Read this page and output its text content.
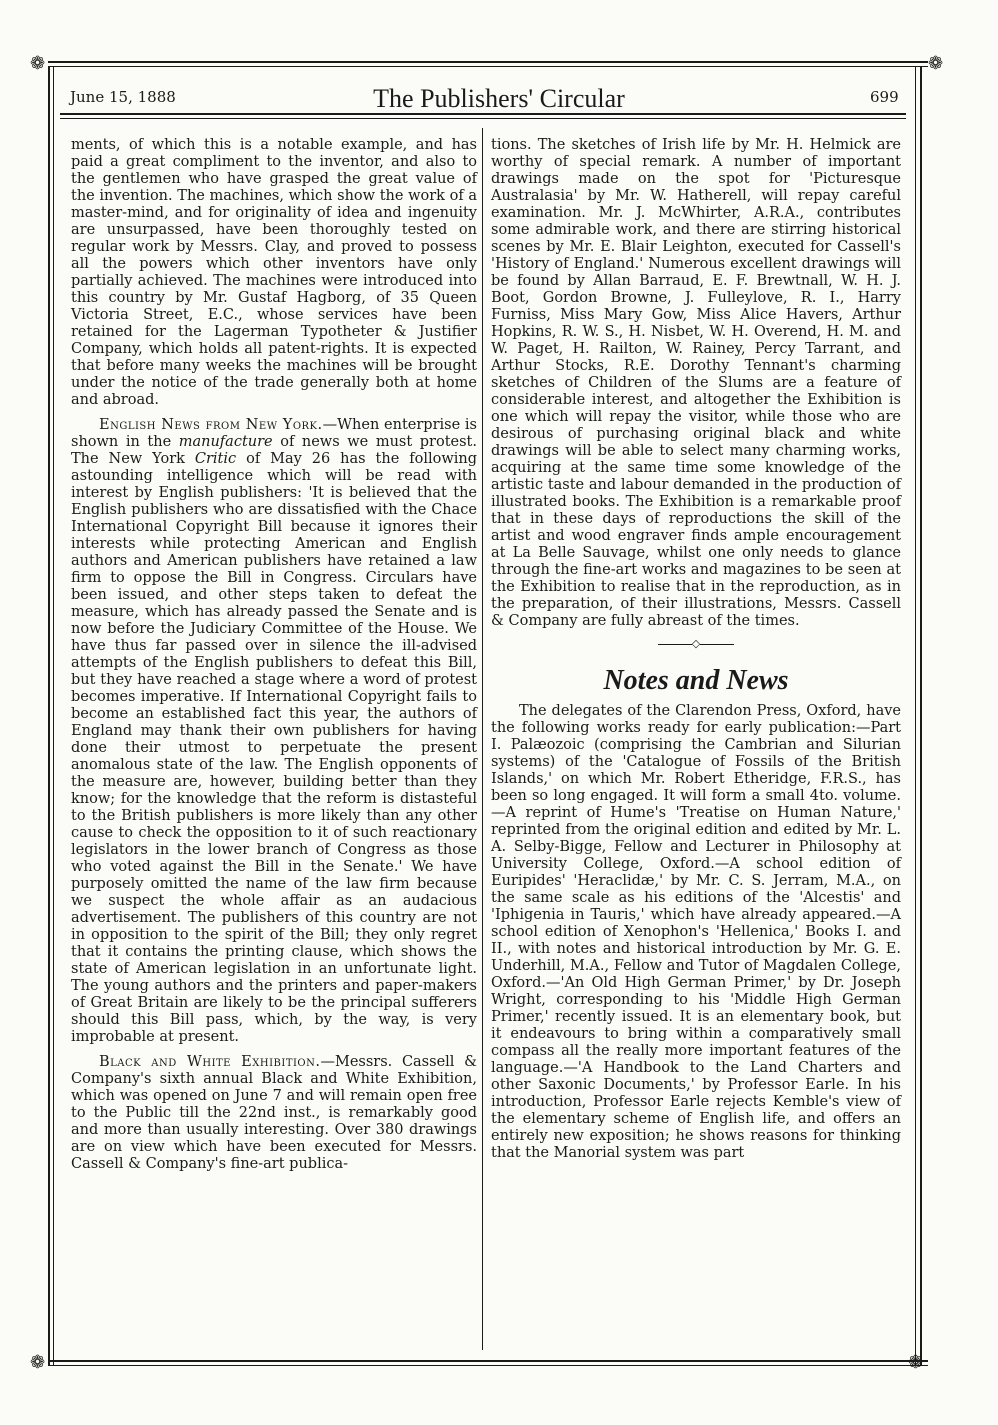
❁	❁
June 15, 1888	The Publishers' Circular	699
❁	❁

ments, of which this is a notable example, and has paid a great compliment to the inventor, and also to the gentlemen who have grasped the great value of the invention. The machines, which show the work of a master-mind, and for originality of idea and ingenuity are unsurpassed, have been thoroughly tested on regular work by Messrs. Clay, and proved to possess all the powers which other inventors have only partially achieved. The machines were introduced into this country by Mr. Gustaf Hagborg, of 35 Queen Victoria Street, E.C., whose services have been retained for the Lagerman Typotheter & Justifier Company, which holds all patent-rights. It is expected that before many weeks the machines will be brought under the notice of the trade generally both at home and abroad.

English News from New York.—When enterprise is shown in the manufacture of news we must protest. The New York Critic of May 26 has the following astounding intelligence which will be read with interest by English publishers: 'It is believed that the English publishers who are dissatisfied with the Chace International Copyright Bill because it ignores their interests while protecting American and English authors and American publishers have retained a law firm to oppose the Bill in Congress. Circulars have been issued, and other steps taken to defeat the measure, which has already passed the Senate and is now before the Judiciary Committee of the House. We have thus far passed over in silence the ill-advised attempts of the English publishers to defeat this Bill, but they have reached a stage where a word of protest becomes imperative. If International Copyright fails to become an established fact this year, the authors of England may thank their own publishers for having done their utmost to perpetuate the present anomalous state of the law. The English opponents of the measure are, however, building better than they know; for the knowledge that the reform is distasteful to the British publishers is more likely than any other cause to check the opposition to it of such reactionary legislators in the lower branch of Congress as those who voted against the Bill in the Senate.' We have purposely omitted the name of the law firm because we suspect the whole affair as an audacious advertisement. The publishers of this country are not in opposition to the spirit of the Bill; they only regret that it contains the printing clause, which shows the state of American legislation in an unfortunate light. The young authors and the printers and paper-makers of Great Britain are likely to be the principal sufferers should this Bill pass, which, by the way, is very improbable at present.

Black and White Exhibition.—Messrs. Cassell & Company's sixth annual Black and White Exhibition, which was opened on June 7 and will remain open free to the Public till the 22nd inst., is remarkably good and more than usually interesting. Over 380 drawings are on view which have been executed for Messrs. Cassell & Company's fine-art publica-

tions. The sketches of Irish life by Mr. H. Helmick are worthy of special remark. A number of important drawings made on the spot for 'Picturesque Australasia' by Mr. W. Hatherell, will repay careful examination. Mr. J. McWhirter, A.R.A., contributes some admirable work, and there are stirring historical scenes by Mr. E. Blair Leighton, executed for Cassell's 'History of England.' Numerous excellent drawings will be found by Allan Barraud, E. F. Brewtnall, W. H. J. Boot, Gordon Browne, J. Fulleylove, R. I., Harry Furniss, Miss Mary Gow, Miss Alice Havers, Arthur Hopkins, R. W. S., H. Nisbet, W. H. Overend, H. M. and W. Paget, H. Railton, W. Rainey, Percy Tarrant, and Arthur Stocks, R.E. Dorothy Tennant's charming sketches of Children of the Slums are a feature of considerable interest, and altogether the Exhibition is one which will repay the visitor, while those who are desirous of purchasing original black and white drawings will be able to select many charming works, acquiring at the same time some knowledge of the artistic taste and labour demanded in the production of illustrated books. The Exhibition is a remarkable proof that in these days of reproductions the skill of the artist and wood engraver finds ample encouragement at La Belle Sauvage, whilst one only needs to glance through the fine-art works and magazines to be seen at the Exhibition to realise that in the reproduction, as in the preparation, of their illustrations, Messrs. Cassell & Company are fully abreast of the times.

◇
Notes and News

The delegates of the Clarendon Press, Oxford, have the following works ready for early publication:—Part I. Palæozoic (comprising the Cambrian and Silurian systems) of the 'Catalogue of Fossils of the British Islands,' on which Mr. Robert Etheridge, F.R.S., has been so long engaged. It will form a small 4to. volume.—A reprint of Hume's 'Treatise on Human Nature,' reprinted from the original edition and edited by Mr. L. A. Selby-Bigge, Fellow and Lecturer in Philosophy at University College, Oxford.—A school edition of Euripides' 'Heraclidæ,' by Mr. C. S. Jerram, M.A., on the same scale as his editions of the 'Alcestis' and 'Iphigenia in Tauris,' which have already appeared.—A school edition of Xenophon's 'Hellenica,' Books I. and II., with notes and historical introduction by Mr. G. E. Underhill, M.A., Fellow and Tutor of Magdalen College, Oxford.—'An Old High German Primer,' by Dr. Joseph Wright, corresponding to his 'Middle High German Primer,' recently issued. It is an elementary book, but it endeavours to bring within a comparatively small compass all the really more important features of the language.—'A Handbook to the Land Charters and other Saxonic Documents,' by Professor Earle. In his introduction, Professor Earle rejects Kemble's view of the elementary scheme of English life, and offers an entirely new exposition; he shows reasons for thinking that the Manorial system was part
